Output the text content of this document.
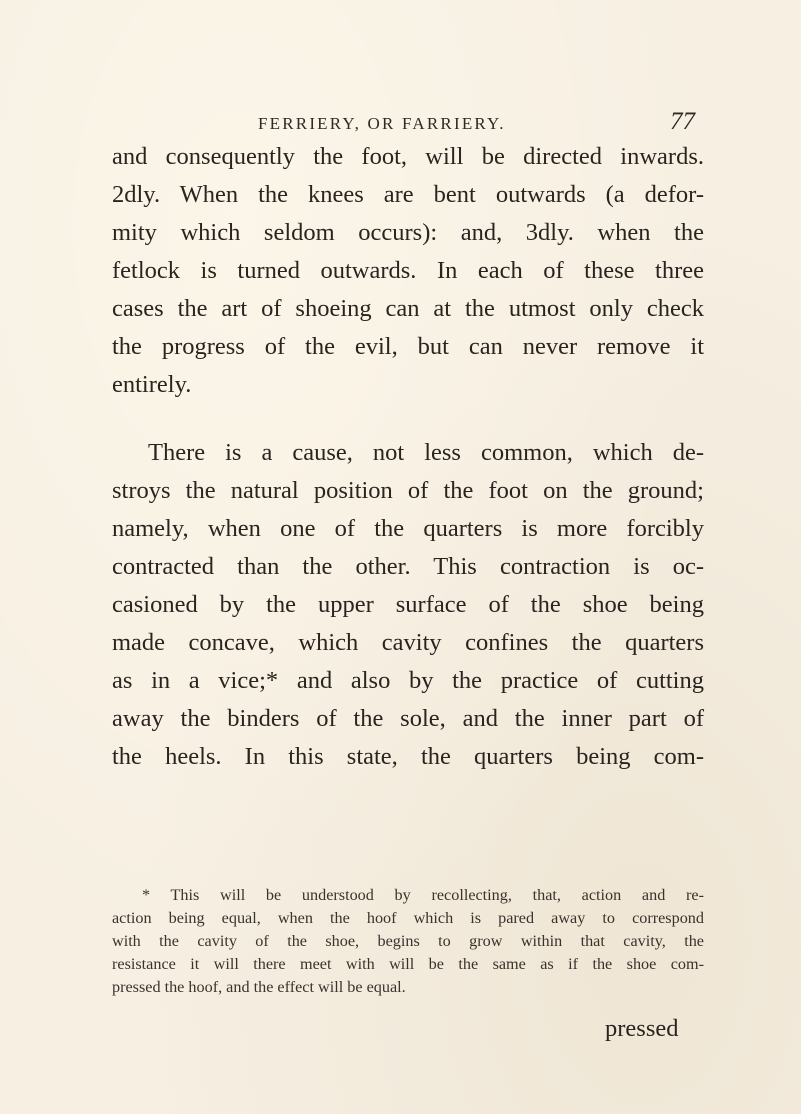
FERRIERY, OR FARRIERY.	77
and consequently the foot, will be directed inwards.
2dly. When the knees are bent outwards (a defor-
mity which seldom occurs): and, 3dly. when the
fetlock is turned outwards. In each of these three
cases the art of shoeing can at the utmost only check
the progress of the evil, but can never remove it
entirely.
There is a cause, not less common, which de-
stroys the natural position of the foot on the ground;
namely, when one of the quarters is more forcibly
contracted than the other. This contraction is oc-
casioned by the upper surface of the shoe being
made concave, which cavity confines the quarters
as in a vice;* and also by the practice of cutting
away the binders of the sole, and the inner part of
the heels. In this state, the quarters being com-
* This will be understood by recollecting, that, action and re-
action being equal, when the hoof which is pared away to correspond
with the cavity of the shoe, begins to grow within that cavity, the
resistance it will there meet with will be the same as if the shoe com-
pressed the hoof, and the effect will be equal.
pressed
